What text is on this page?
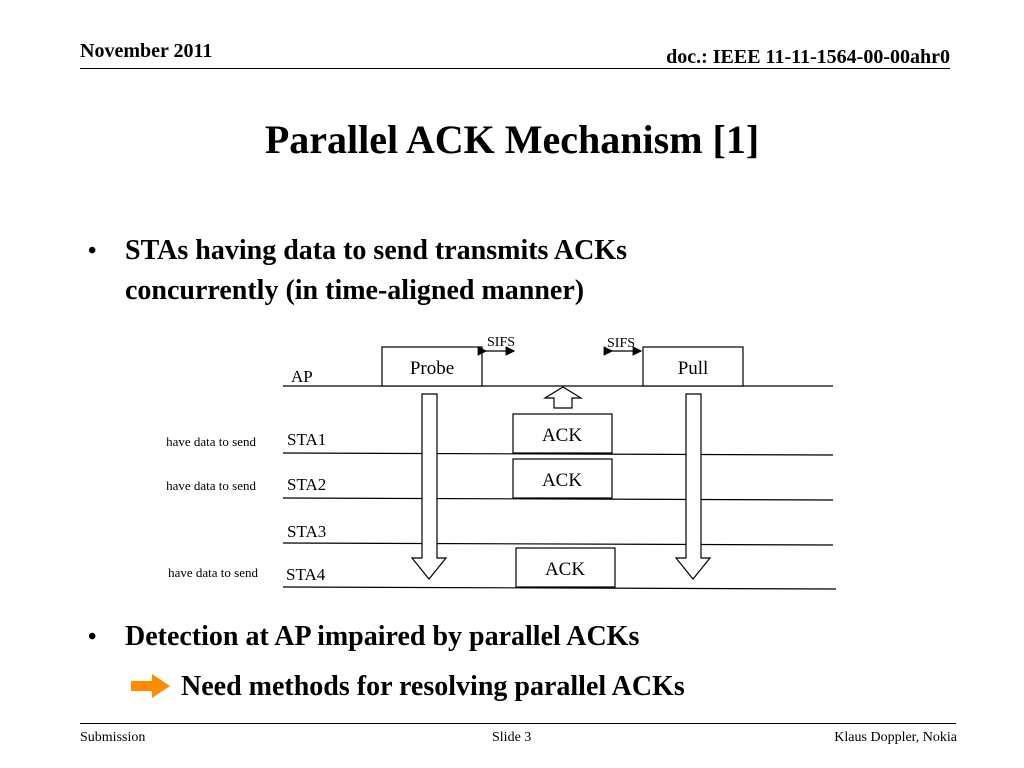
November 2011	doc.: IEEE 11-11-1564-00-00ahr0
Parallel ACK Mechanism [1]
• STAs having data to send transmits ACKs
concurrently (in time-aligned manner)
Probe	Pull
SIFS	SIFS
AP
STA1
STA2
STA3
STA4
have data to send
have data to send
have data to send
ACK
ACK
ACK
• Detection at AP impaired by parallel ACKs
Need methods for resolving parallel ACKs
Submission	Slide 3	Klaus Doppler, Nokia
